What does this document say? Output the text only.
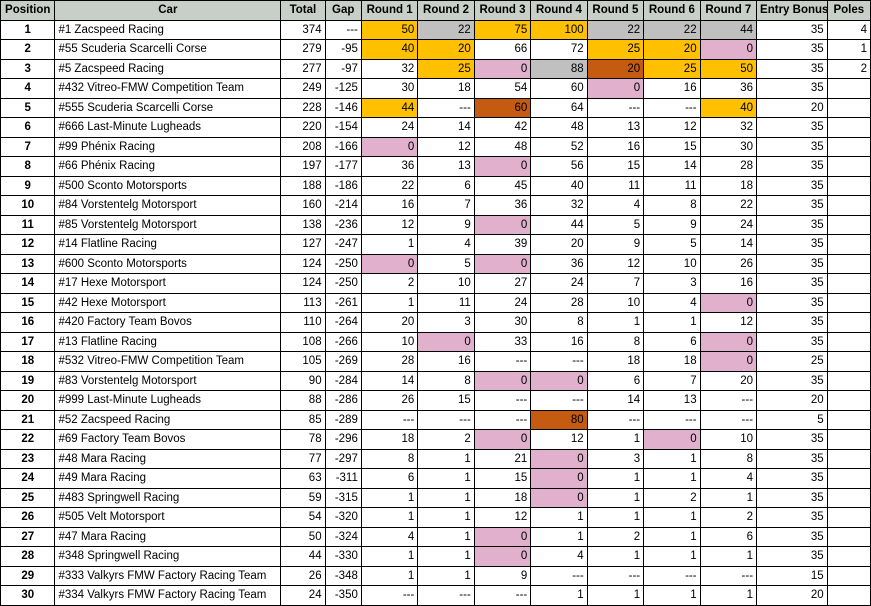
Position	Car	Total	Gap	Round 1	Round 2	Round 3	Round 4	Round 5	Round 6	Round 7	Entry Bonus	Poles
1	#1 Zacspeed Racing	374	---	50	22	75	100	22	22	44	35	4
2	#55 Scuderia Scarcelli Corse	279	-95	40	20	66	72	25	20	0	35	1
3	#5 Zacspeed Racing	277	-97	32	25	0	88	20	25	50	35	2
4	#432 Vitreo-FMW Competition Team	249	-125	30	18	54	60	0	16	36	35	
5	#555 Scuderia Scarcelli Corse	228	-146	44	---	60	64	---	---	40	20	
6	#666 Last-Minute Lugheads	220	-154	24	14	42	48	13	12	32	35	
7	#99 Phénix Racing	208	-166	0	12	48	52	16	15	30	35	
8	#66 Phénix Racing	197	-177	36	13	0	56	15	14	28	35	
9	#500 Sconto Motorsports	188	-186	22	6	45	40	11	11	18	35	
10	#84 Vorstentelg Motorsport	160	-214	16	7	36	32	4	8	22	35	
11	#85 Vorstentelg Motorsport	138	-236	12	9	0	44	5	9	24	35	
12	#14 Flatline Racing	127	-247	1	4	39	20	9	5	14	35	
13	#600 Sconto Motorsports	124	-250	0	5	0	36	12	10	26	35	
14	#17 Hexe Motorsport	124	-250	2	10	27	24	7	3	16	35	
15	#42 Hexe Motorsport	113	-261	1	11	24	28	10	4	0	35	
16	#420 Factory Team Bovos	110	-264	20	3	30	8	1	1	12	35	
17	#13 Flatline Racing	108	-266	10	0	33	16	8	6	0	35	
18	#532 Vitreo-FMW Competition Team	105	-269	28	16	---	---	18	18	0	25	
19	#83 Vorstentelg Motorsport	90	-284	14	8	0	0	6	7	20	35	
20	#999 Last-Minute Lugheads	88	-286	26	15	---	---	14	13	---	20	
21	#52 Zacspeed Racing	85	-289	---	---	---	80	---	---	---	5	
22	#69 Factory Team Bovos	78	-296	18	2	0	12	1	0	10	35	
23	#48 Mara Racing	77	-297	8	1	21	0	3	1	8	35	
24	#49 Mara Racing	63	-311	6	1	15	0	1	1	4	35	
25	#483 Springwell Racing	59	-315	1	1	18	0	1	2	1	35	
26	#505 Velt Motorsport	54	-320	1	1	12	1	1	1	2	35	
27	#47 Mara Racing	50	-324	4	1	0	1	2	1	6	35	
28	#348 Springwell Racing	44	-330	1	1	0	4	1	1	1	35	
29	#333 Valkyrs FMW Factory Racing Team	26	-348	1	1	9	---	---	---	---	15	
30	#334 Valkyrs FMW Factory Racing Team	24	-350	---	---	---	1	1	1	1	20	
